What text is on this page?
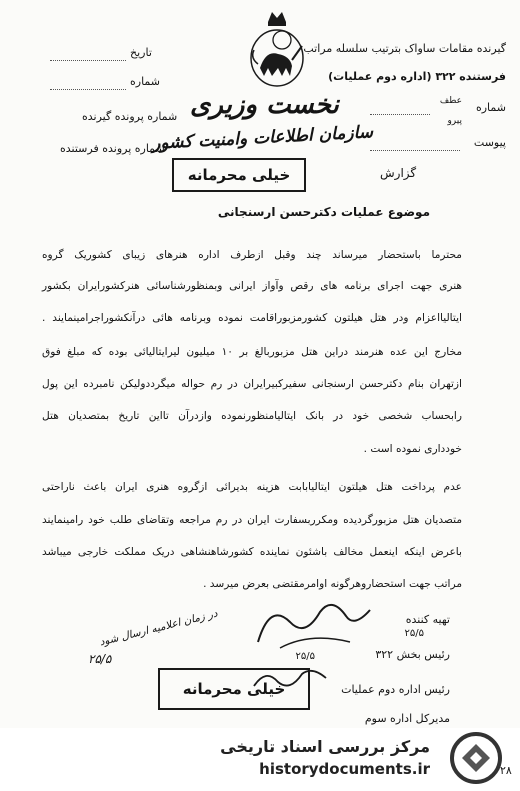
گیرنده مقامات ساواک بترتیب سلسله مراتب
فرستنده ۳۲۲ (اداره دوم عملیات)
شماره
عطف
پیرو
پیوست
تاریخ
شماره
شماره پرونده گیرنده
شماره پرونده فرستنده
نخست وزیری
سازمان اطلاعات وامنیت کشور
خیلی محرمانه	گزارش
موضوع عملیات دکترحسن ارسنجانی
محترما باستحضار میرساند چند وقبل ازطرف اداره هنرهای زیبای کشوریک گروه
هنری جهت اجرای برنامه های رقص وآواز ایرانی وبمنظورشناسائی هنرکشورایران بکشور
ایتالیااعزام ودر هتل هیلتون کشورمزبوراقامت نموده وبرنامه هائی درآنکشوراجرامینمایند .
مخارج این عده هنرمند دراین هتل مزبوربالغ بر ۱۰ میلیون لیرایتالیائی بوده که مبلغ فوق
ازتهران بنام دکترحسن ارسنجانی سفیرکبیرایران در رم حواله میگرددولیکن نامبرده این پول
رابحساب شخصی خود در بانک ایتالیامنظورنموده وازدرآن تااین تاریخ بمتصدیان هتل
خودداری نموده است .
عدم پرداخت هتل هیلتون ایتالیابابت هزینه بدیرائی ازگروه هنری ایران باعث ناراحتی
متصدیان هتل مزبورگردیده ومکرربسفارت ایران در رم مراجعه وتقاضای طلب خود رامینمایند
باعرض اینکه اینعمل مخالف باشئون نماینده کشورشاهنشاهی دریک مملکت خارجی میباشد
مراتب جهت استحضاروهرگونه اوامرمقتضی بعرض میرسد .
تهیه کننده
۲۵/۵
رئیس بخش ۳۲۲
۲۵/۵
رئیس اداره دوم عملیات
مدیرکل اداره سوم
در زمان اعلامیه ارسال شود
۲۵/۵
خیلی محرمانه
مرکز بررسی اسناد تاریخی
historydocuments.ir	۲۸
